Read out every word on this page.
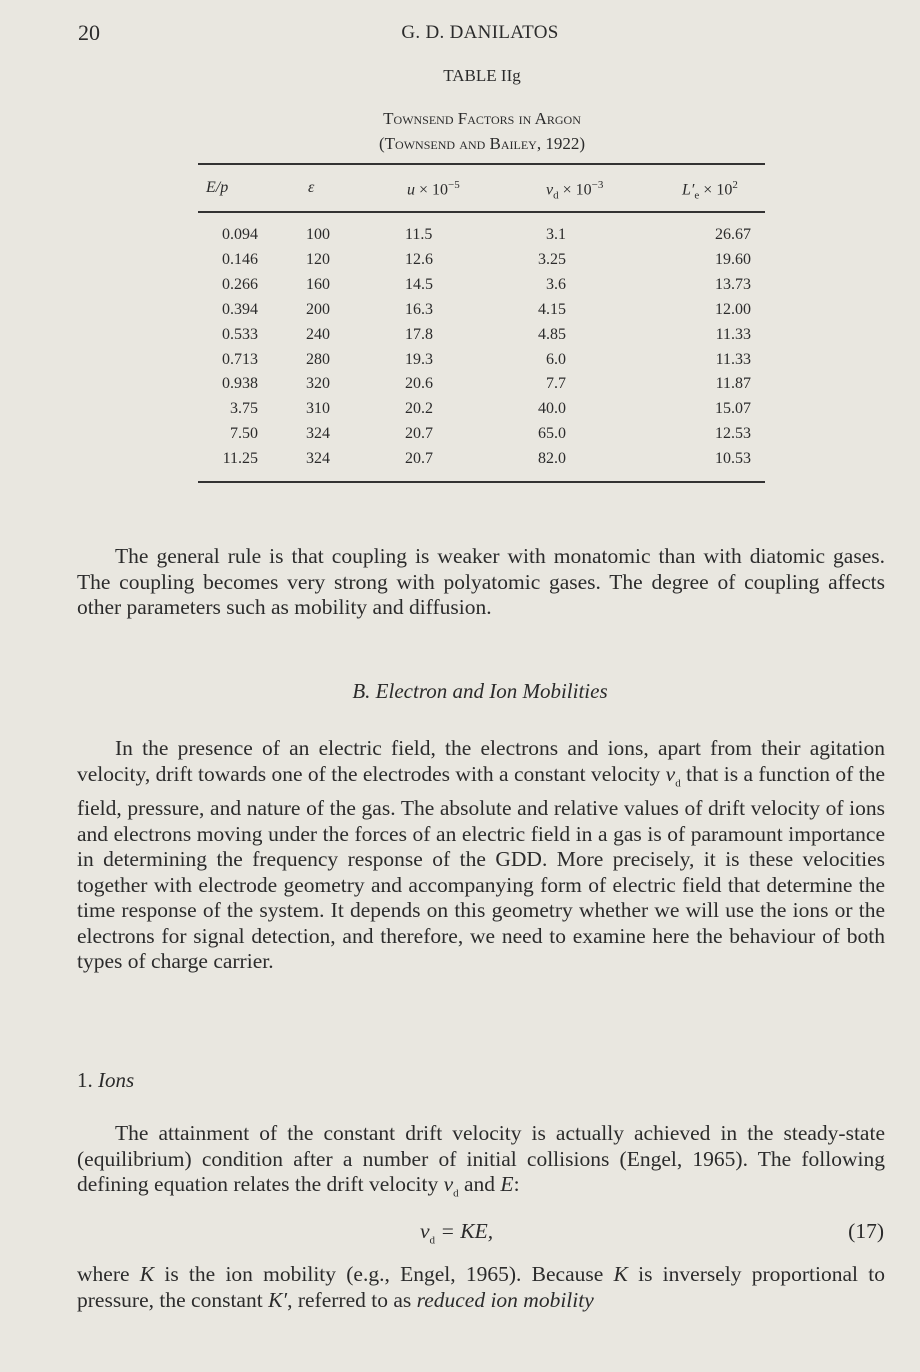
20	G. D. DANILATOS
TABLE IIg
Townsend Factors in Argon
(Townsend and Bailey, 1922)
E/p	ε	$u \times 10^{-5}$	$v_d \times 10^{-3}$	$L'_e \times 10^2$
0.094	100	11.5	3.1	26.67
0.146	120	12.6	3.25	19.60
0.266	160	14.5	3.6	13.73
0.394	200	16.3	4.15	12.00
0.533	240	17.8	4.85	11.33
0.713	280	19.3	6.0	11.33
0.938	320	20.6	7.7	11.87
3.75	310	20.2	40.0	15.07
7.50	324	20.7	65.0	12.53
11.25	324	20.7	82.0	10.53
The general rule is that coupling is weaker with monatomic than with diatomic gases. The coupling becomes very strong with polyatomic gases. The degree of coupling affects other parameters such as mobility and diffusion.
B. Electron and Ion Mobilities
In the presence of an electric field, the electrons and ions, apart from their agitation velocity, drift towards one of the electrodes with a constant velocity $v_d$ that is a function of the field, pressure, and nature of the gas. The absolute and relative values of drift velocity of ions and electrons moving under the forces of an electric field in a gas is of paramount importance in determining the frequency response of the GDD. More precisely, it is these velocities together with electrode geometry and accompanying form of electric field that determine the time response of the system. It depends on this geometry whether we will use the ions or the electrons for signal detection, and therefore, we need to examine here the behaviour of both types of charge carrier.
1. Ions
The attainment of the constant drift velocity is actually achieved in the steady-state (equilibrium) condition after a number of initial collisions (Engel, 1965). The following defining equation relates the drift velocity $v_d$ and E:
$v_d$ = KE,	(17)
where K is the ion mobility (e.g., Engel, 1965). Because K is inversely proportional to pressure, the constant K′, referred to as reduced ion mobility
